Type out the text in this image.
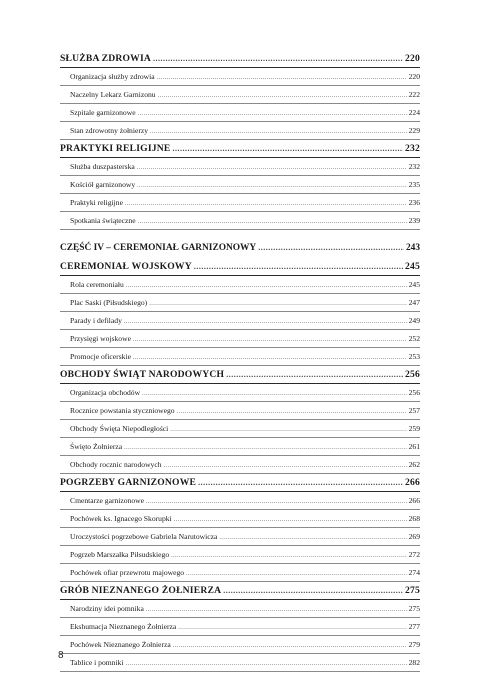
SŁUŻBA ZDROWIA .....	220
Organizacja służby zdrowia .....	220
Naczelny Lekarz Garnizonu .....	222
Szpitale garnizonowe .....	224
Stan zdrowotny żołnierzy .....	229
PRAKTYKI RELIGIJNE .....	232
Służba duszpasterska .....	232
Kościół garnizonowy .....	235
Praktyki religijne .....	236
Spotkania świąteczne .....	239
CZĘŚĆ IV – CEREMONIAŁ GARNIZONOWY .....	243
CEREMONIAŁ WOJSKOWY .....	245
Rola ceremoniału .....	245
Plac Saski (Piłsudskiego) .....	247
Parady i defilady .....	249
Przysięgi wojskowe .....	252
Promocje oficerskie .....	253
OBCHODY ŚWIĄT NARODOWYCH .....	256
Organizacja obchodów .....	256
Rocznice powstania styczniowego .....	257
Obchody Święta Niepodległości .....	259
Święto Żołnierza .....	261
Obchody rocznic narodowych .....	262
POGRZEBY GARNIZONOWE .....	266
Cmentarze garnizonowe .....	266
Pochówek ks. Ignacego Skorupki .....	268
Uroczystości pogrzebowe Gabriela Narutowicza .....	269
Pogrzeb Marszałka Piłsudskiego .....	272
Pochówek ofiar przewrotu majowego .....	274
GRÓB NIEZNANEGO ŻOŁNIERZA .....	275
Narodziny idei pomnika .....	275
Ekshumacja Nieznanego Żołnierza .....	277
Pochówek Nieznanego Żołnierza .....	279
Tablice i pomniki .....	282
8
